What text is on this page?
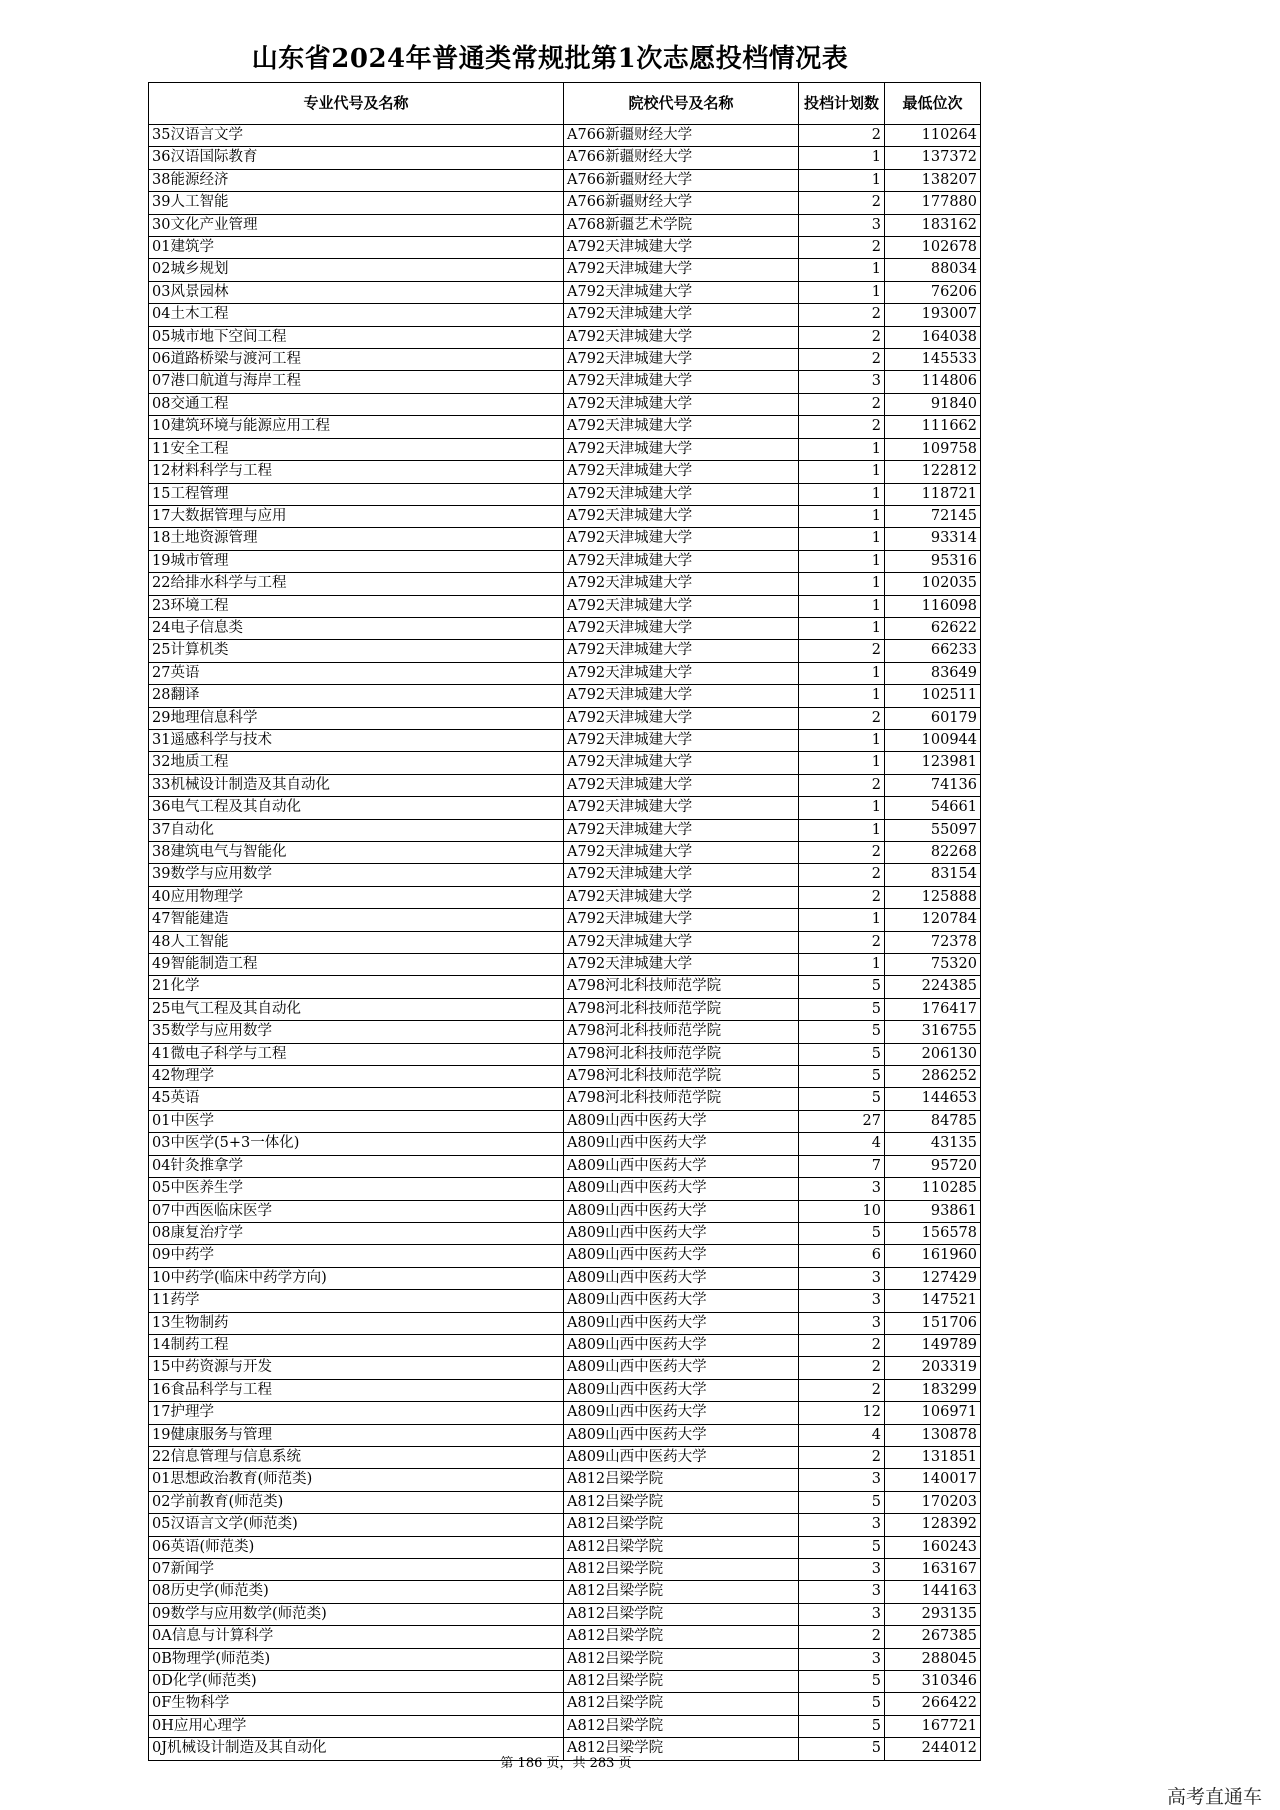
山东省2024年普通类常规批第1次志愿投档情况表
专业代号及名称	院校代号及名称	投档计划数	最低位次
35汉语言文学	A766新疆财经大学	2	110264
36汉语国际教育	A766新疆财经大学	1	137372
38能源经济	A766新疆财经大学	1	138207
39人工智能	A766新疆财经大学	2	177880
30文化产业管理	A768新疆艺术学院	3	183162
01建筑学	A792天津城建大学	2	102678
02城乡规划	A792天津城建大学	1	88034
03风景园林	A792天津城建大学	1	76206
04土木工程	A792天津城建大学	2	193007
05城市地下空间工程	A792天津城建大学	2	164038
06道路桥梁与渡河工程	A792天津城建大学	2	145533
07港口航道与海岸工程	A792天津城建大学	3	114806
08交通工程	A792天津城建大学	2	91840
10建筑环境与能源应用工程	A792天津城建大学	2	111662
11安全工程	A792天津城建大学	1	109758
12材料科学与工程	A792天津城建大学	1	122812
15工程管理	A792天津城建大学	1	118721
17大数据管理与应用	A792天津城建大学	1	72145
18土地资源管理	A792天津城建大学	1	93314
19城市管理	A792天津城建大学	1	95316
22给排水科学与工程	A792天津城建大学	1	102035
23环境工程	A792天津城建大学	1	116098
24电子信息类	A792天津城建大学	1	62622
25计算机类	A792天津城建大学	2	66233
27英语	A792天津城建大学	1	83649
28翻译	A792天津城建大学	1	102511
29地理信息科学	A792天津城建大学	2	60179
31遥感科学与技术	A792天津城建大学	1	100944
32地质工程	A792天津城建大学	1	123981
33机械设计制造及其自动化	A792天津城建大学	2	74136
36电气工程及其自动化	A792天津城建大学	1	54661
37自动化	A792天津城建大学	1	55097
38建筑电气与智能化	A792天津城建大学	2	82268
39数学与应用数学	A792天津城建大学	2	83154
40应用物理学	A792天津城建大学	2	125888
47智能建造	A792天津城建大学	1	120784
48人工智能	A792天津城建大学	2	72378
49智能制造工程	A792天津城建大学	1	75320
21化学	A798河北科技师范学院	5	224385
25电气工程及其自动化	A798河北科技师范学院	5	176417
35数学与应用数学	A798河北科技师范学院	5	316755
41微电子科学与工程	A798河北科技师范学院	5	206130
42物理学	A798河北科技师范学院	5	286252
45英语	A798河北科技师范学院	5	144653
01中医学	A809山西中医药大学	27	84785
03中医学(5+3一体化)	A809山西中医药大学	4	43135
04针灸推拿学	A809山西中医药大学	7	95720
05中医养生学	A809山西中医药大学	3	110285
07中西医临床医学	A809山西中医药大学	10	93861
08康复治疗学	A809山西中医药大学	5	156578
09中药学	A809山西中医药大学	6	161960
10中药学(临床中药学方向)	A809山西中医药大学	3	127429
11药学	A809山西中医药大学	3	147521
13生物制药	A809山西中医药大学	3	151706
14制药工程	A809山西中医药大学	2	149789
15中药资源与开发	A809山西中医药大学	2	203319
16食品科学与工程	A809山西中医药大学	2	183299
17护理学	A809山西中医药大学	12	106971
19健康服务与管理	A809山西中医药大学	4	130878
22信息管理与信息系统	A809山西中医药大学	2	131851
01思想政治教育(师范类)	A812吕梁学院	3	140017
02学前教育(师范类)	A812吕梁学院	5	170203
05汉语言文学(师范类)	A812吕梁学院	3	128392
06英语(师范类)	A812吕梁学院	5	160243
07新闻学	A812吕梁学院	3	163167
08历史学(师范类)	A812吕梁学院	3	144163
09数学与应用数学(师范类)	A812吕梁学院	3	293135
0A信息与计算科学	A812吕梁学院	2	267385
0B物理学(师范类)	A812吕梁学院	3	288045
0D化学(师范类)	A812吕梁学院	5	310346
0F生物科学	A812吕梁学院	5	266422
0H应用心理学	A812吕梁学院	5	167721
0J机械设计制造及其自动化	A812吕梁学院	5	244012
第 186 页，共 283 页
高考直通车
